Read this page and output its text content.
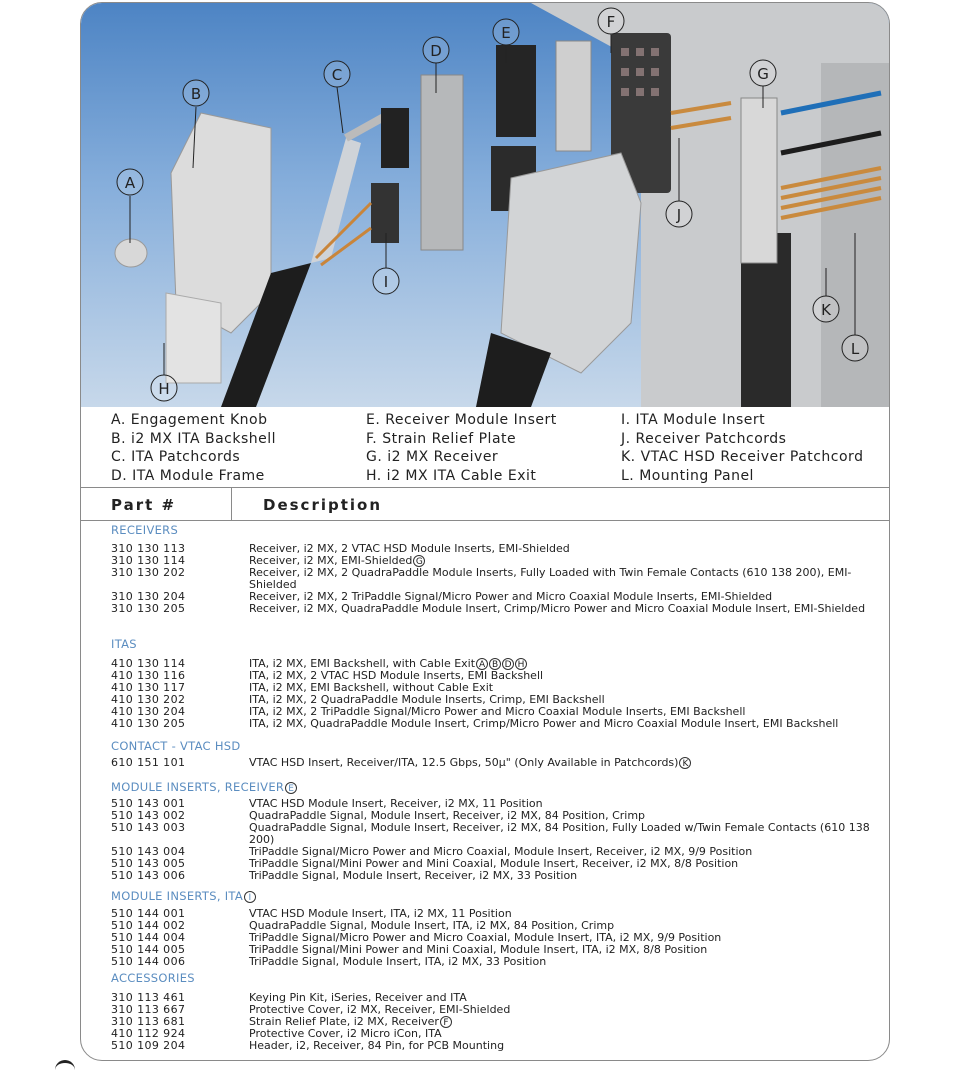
A
B
C
D
E
F
G
H
I
J
K
L
A. Engagement Knob
B. i2 MX ITA Backshell
C. ITA Patchcords
D. ITA Module Frame
E. Receiver Module Insert
F. Strain Relief Plate
G. i2 MX Receiver
H. i2 MX ITA Cable Exit
I. ITA Module Insert
J. Receiver Patchcords
K. VTAC HSD Receiver Patchcord
L. Mounting Panel
Part #	Description
RECEIVERS
310 130 113	Receiver, i2 MX, 2 VTAC HSD Module Inserts, EMI-Shielded
310 130 114	Receiver, i2 MX, EMI-Shielded G
310 130 202	Receiver, i2 MX, 2 QuadraPaddle Module Inserts, Fully Loaded with Twin Female Contacts (610 138 200), EMI-Shielded
310 130 204	Receiver, i2 MX, 2 TriPaddle Signal/Micro Power and Micro Coaxial Module Inserts, EMI-Shielded
310 130 205	Receiver, i2 MX, QuadraPaddle Module Insert, Crimp/Micro Power and Micro Coaxial Module Insert, EMI-Shielded
ITAS
410 130 114	ITA, i2 MX, EMI Backshell, with Cable Exit A B D H
410 130 116	ITA, i2 MX, 2 VTAC HSD Module Inserts, EMI Backshell
410 130 117	ITA, i2 MX, EMI Backshell, without Cable Exit
410 130 202	ITA, i2 MX, 2 QuadraPaddle Module Inserts, Crimp, EMI Backshell
410 130 204	ITA, i2 MX, 2 TriPaddle Signal/Micro Power and Micro Coaxial Module Inserts, EMI Backshell
410 130 205	ITA, i2 MX, QuadraPaddle Module Insert, Crimp/Micro Power and Micro Coaxial Module Insert, EMI Backshell
CONTACT - VTAC HSD
610 151 101	VTAC HSD Insert, Receiver/ITA, 12.5 Gbps, 50µ" (Only Available in Patchcords) K
MODULE INSERTS, RECEIVER E
510 143 001	VTAC HSD Module Insert, Receiver, i2 MX, 11 Position
510 143 002	QuadraPaddle Signal, Module Insert, Receiver, i2 MX, 84 Position, Crimp
510 143 003	QuadraPaddle Signal, Module Insert, Receiver, i2 MX, 84 Position, Fully Loaded w/Twin Female Contacts (610 138 200)
510 143 004	TriPaddle Signal/Micro Power and Micro Coaxial, Module Insert, Receiver, i2 MX, 9/9 Position
510 143 005	TriPaddle Signal/Mini Power and Mini Coaxial, Module Insert, Receiver, i2 MX, 8/8 Position
510 143 006	TriPaddle Signal, Module Insert, Receiver, i2 MX, 33 Position
MODULE INSERTS, ITA I
510 144 001	VTAC HSD Module Insert, ITA, i2 MX, 11 Position
510 144 002	QuadraPaddle Signal, Module Insert, ITA, i2 MX, 84 Position, Crimp
510 144 004	TriPaddle Signal/Micro Power and Micro Coaxial, Module Insert, ITA, i2 MX, 9/9 Position
510 144 005	TriPaddle Signal/Mini Power and Mini Coaxial, Module Insert, ITA, i2 MX, 8/8 Position
510 144 006	TriPaddle Signal, Module Insert, ITA, i2 MX, 33 Position
ACCESSORIES
310 113 461	Keying Pin Kit, iSeries, Receiver and ITA
310 113 667	Protective Cover, i2 MX, Receiver, EMI-Shielded
310 113 681	Strain Relief Plate, i2 MX, Receiver F
410 112 924	Protective Cover, i2 Micro iCon, ITA
510 109 204	Header, i2, Receiver, 84 Pin, for PCB Mounting
